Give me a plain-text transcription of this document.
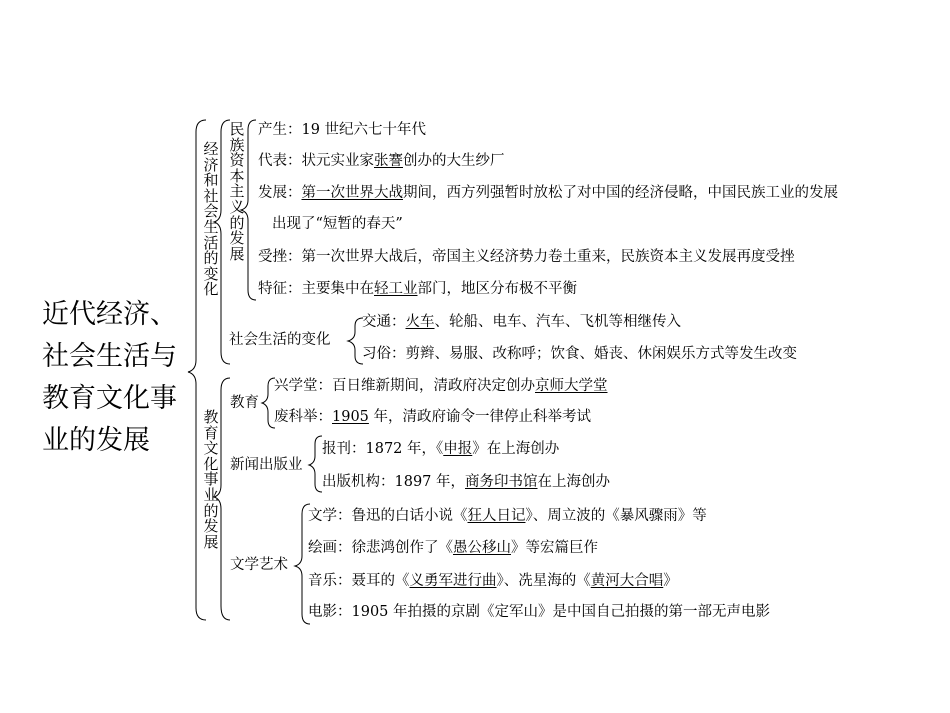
近代经济、
社会生活与
教育文化事
业的发展
经
济
和
社
会
生
活
的
变
化
民
族
资
本
主
义
的
发
展
教
育
文
化
事
业
的
发
展
产生：19 世纪六七十年代
代表：状元实业家张謇创办的大生纱厂
发展：第一次世界大战期间，西方列强暂时放松了对中国的经济侵略，中国民族工业的发展
出现了“短暂的春天”
受挫：第一次世界大战后，帝国主义经济势力卷土重来，民族资本主义发展再度受挫
特征：主要集中在轻工业部门，地区分布极不平衡
社会生活的变化
交通：火车、轮船、电车、汽车、飞机等相继传入
习俗：剪辫、易服、改称呼；饮食、婚丧、休闲娱乐方式等发生改变
教育
兴学堂：百日维新期间，清政府决定创办京师大学堂
废科举：1905 年，清政府谕令一律停止科举考试
新闻出版业
报刊：1872 年，《申报》在上海创办
出版机构：1897 年，商务印书馆在上海创办
文学艺术
文学：鲁迅的白话小说《狂人日记》、周立波的《暴风骤雨》等
绘画：徐悲鸿创作了《愚公移山》等宏篇巨作
音乐：聂耳的《义勇军进行曲》、冼星海的《黄河大合唱》
电影：1905 年拍摄的京剧《定军山》是中国自己拍摄的第一部无声电影
